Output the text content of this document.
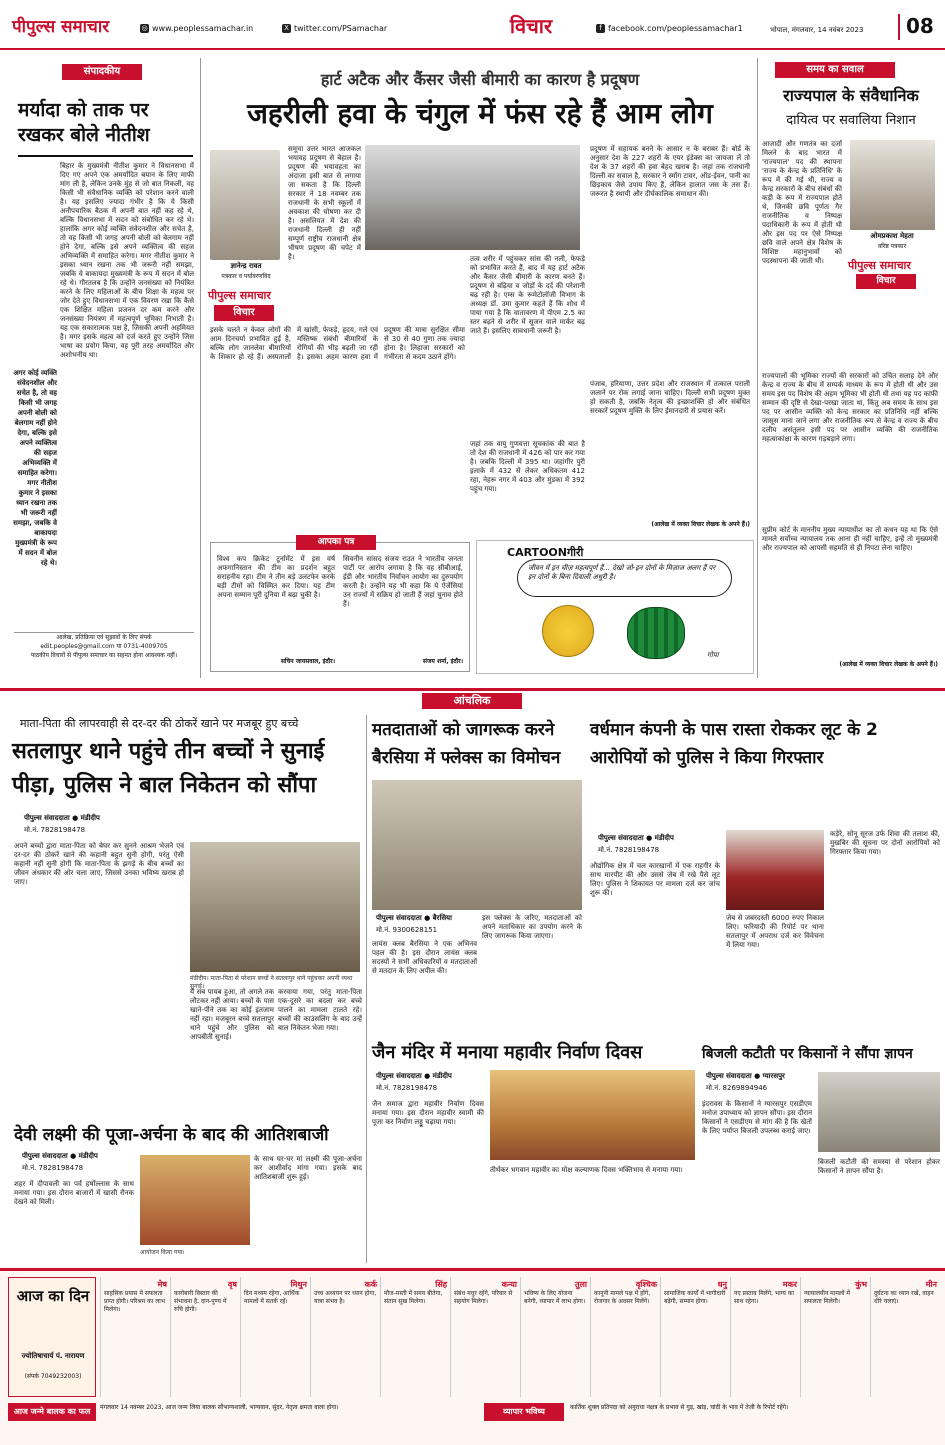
पीपुल्स समाचार	◎ www.peoplessamachar.in	X twitter.com/PSamachar	विचार	f facebook.com/peoplessamachar1	भोपाल, मंगलवार, 14 नवंबर 2023	08
संपादकीय
मर्यादा को ताक पर रखकर बोले नीतीश
बिहार के मुख्यमंत्री नीतीश कुमार ने विधानसभा में दिए गए अपने एक अमर्यादित बयान के लिए माफी मांग ली है, लेकिन उनके मुंह से जो बात निकली, वह किसी भी संवैधानिक व्यक्ति को परेशान करने वाली है। यह इसलिए ज्यादा गंभीर है कि ये किसी अनौपचारिक बैठक में अपनी बात नहीं कह रहे थे, बल्कि विधानसभा में सदन को संबोधित कर रहे थे। हालांकि अगर कोई व्यक्ति संवेदनशील और सचेत है, तो वह किसी भी जगह अपनी बोली को बेलगाम नहीं होने देगा, बल्कि इसे अपने व्यक्तित्व की सहज अभिव्यक्ति में समाहित करेगा। मगर नीतीश कुमार ने इसका ध्यान रखना तक भी जरूरी नहीं समझा, जबकि वे बाकायदा मुख्यमंत्री के रूप में सदन में बोल रहे थे। गौरतलब है कि उन्होंने जनसंख्या को नियंत्रित करने के लिए महिलाओं के बीच शिक्षा के महत्व पर जोर देते हुए विधानसभा में एक विवरण रखा कि कैसे एक शिक्षित महिला प्रजनन दर कम करने और जनसंख्या नियंत्रण में महत्वपूर्ण भूमिका निभाती है। यह एक सकारात्मक पक्ष है, जिसकी अपनी अहमियत है। मगर इसके महत्व को दर्ज करते हुए उन्होंने जिस भाषा का प्रयोग किया, वह पूरी तरह अमर्यादित और अशोभनीय था।
अगर कोई व्यक्ति संवेदनशील और सचेत है, तो वह किसी भी जगह अपनी बोली को बेलगाम नहीं होने देगा, बल्कि इसे अपने व्यक्तित्व की सहज अभिव्यक्ति में समाहित करेगा। मगर नीतीश कुमार ने इसका ध्यान रखना तक भी जरूरी नहीं समझा, जबकि वे बाकायदा मुख्यमंत्री के रूप में सदन में बोल रहे थे।
आलेख, प्रतिक्रिया एवं सुझावों के लिए संपर्क
edit.peoples@gmail.com या 0731-4009705
पाठकीय विचारों से पीपुल्स समाचार का सहमत होना आवश्यक नहीं।
हार्ट अटैक और कैंसर जैसी बीमारी का कारण है प्रदूषण
जहरीली हवा के चंगुल में फंस रहे हैं आम लोग
ज्ञानेन्द्र रावत
पत्रकार व पर्यावरणविद
पीपुल्स समाचार
विचार
समूचा उत्तर भारत आजकल भयावह प्रदूषण से बेहाल है। प्रदूषण की भयावहता का अंदाजा इसी बात से लगाया जा सकता है कि दिल्ली सरकार ने 18 नवम्बर तक राजधानी के सभी स्कूलों में अवकाश की घोषणा कर दी है। असलियत में देश की राजधानी दिल्ली ही नहीं सम्पूर्ण राष्ट्रीय राजधानी क्षेत्र भीषण प्रदूषण की चपेट में है।
इसके चलते न केवल लोगों की आम दिनचर्या प्रभावित हुई है, बल्कि लोग जानलेवा बीमारियों के शिकार हो रहे हैं। अस्पतालों में खांसी, फेफड़े, हृदय, गले एवं मस्तिष्क संबंधी बीमारियों के रोगियों की भीड़ बढ़ती जा रही है। इसका अहम कारण हवा में प्रदूषण की मात्रा सुरक्षित सीमा से 30 से 40 गुणा तक ज्यादा होना है। लिहाजा सरकारों को गंभीरता से कदम उठाने होंगे।
तत्व शरीर में पहुंचकर सांस की नली, फेफड़े को प्रभावित करते हैं, बाद में यह हार्ट अटैक और कैंसर जैसी बीमारी के कारण बनते हैं। प्रदूषण से बढ़िया व जोड़ों के दर्द की परेशानी बढ़ रही है। एम्स के रूमेटोलॉजी विभाग के अध्यक्ष डॉ. उमा कुमार कहते हैं कि शोध में पाया गया है कि वातावरण में पीएम 2.5 का स्तर बढ़ने से शरीर में सूजन वाले मार्कर बढ़ जाते हैं। इसलिए सावधानी जरूरी है।
जहां तक वायु गुणवत्ता सूचकांक की बात है तो देश की राजधानी में 426 को पार कर गया है। जबकि दिल्ली में 395 था। जहांगीर पुरी इलाके में 432 से लेकर अधिकतम 412 रहा, नेहरू नगर में 403 और मुंडका में 392 पहुंच गया।
प्रदूषण में सहायक बनने के आसार न के बराबर हैं। बोर्ड के अनुसार देश के 227 शहरों के एयर इंडेक्स का जायजा लें तो देश के 37 शहरों की हवा बेहद खराब है। जहां तक राजधानी दिल्ली का सवाल है, सरकार ने स्मॉग टावर, ऑड-ईवन, पानी का छिड़काव जैसे उपाय किए हैं, लेकिन हालात जस के तस हैं। जरूरत है स्थायी और दीर्घकालिक समाधान की।
पंजाब, हरियाणा, उत्तर प्रदेश और राजस्थान में तत्काल पराली जलाने पर रोक लगाई जाना चाहिए। दिल्ली सभी प्रदूषण मुक्त हो सकती है, जबकि नेतृत्व की इच्छाशक्ति हो और संबंधित सरकारें प्रदूषण मुक्ति के लिए ईमानदारी से प्रयास करें।
(आलेख में व्यक्त विचार लेखक के अपने हैं।)
आपका पत्र
विश्व कप क्रिकेट टूर्नामेंट में इस वर्ष अफगानिस्तान की टीम का प्रदर्शन बहुत सराहनीय रहा। टीम ने तीन बड़े उलटफेर करके बड़ी टीमों को विस्मित कर दिया। यह टीम अपना सम्मान पूरी दुनिया में बढ़ा चुकी है।
सचिन जायसवाल, इंदौर।
सिवनीन सांसद संजय राउत ने भारतीय जनता पार्टी पर आरोप लगाया है कि वह सीबीआई, ईडी और भारतीय निर्वाचन आयोग का दुरुपयोग करती है। उन्होंने यह भी कहा कि ये ऐजेंसियां उन राज्यों में सक्रिय हो जाती हैं जहां चुनाव होते हैं।
संजय शर्मा, इंदौर।
CARTOONगीरी
जीवन में इन चीज़ महत्वपूर्ण हैं... देखो जो-इन दोनों के मिज़ाज अलग हैं पर इन दोनों के बिना दिवाली अधूरी है।
गोपा
समय का सवाल
राज्यपाल के संवैधानिक
दायित्व पर सवालिया निशान
आजादी और गणतंत्र का दर्जा मिलने के बाद भारत में 'राज्यपाल' पद की स्थापना 'राज्य के केन्द्र के प्रतिनिधि' के रूप में की गई थी, राज्य व केन्द्र सरकारों के बीच संबंधों की कड़ी के रूप में राज्यपाल होते थे, जिनकी छवि पूर्णतः गैर राजनीतिक व निष्पक्ष पदाधिकारी के रूप में होती थी और इस पद पर ऐसे निष्पक्ष छवि वाले अपने क्षेत्र विशेष के विशिष्ट महानुभावों को पदस्थापना की जाती थी।
ओमप्रकाश मेहता
वरिष्ठ पत्रकार
पीपुल्स समाचार
विचार
राज्यपालों की भूमिका राज्यों की सरकारों को उचित सलाह देने और केन्द्र व राज्य के बीच में सम्पर्क माध्यम के रूप में होती थी और उस समय इस पद विशेष की अहम भूमिका भी होती थी तथा यह पद काफी सम्मान की दृष्टि से देखा-परखा जाता था, किंतु अब समय के साथ इस पद पर आसीन व्यक्ति को केन्द्र सरकार का प्रतिनिधि नहीं बल्कि जासूस माना जाने लगा और राजनीतिक रूप से केन्द्र व राज्य के बीच दलीय असंतुलन इसी पद पर आसीन व्यक्ति की राजनीतिक महत्वाकांक्षा के कारण गड़बड़ाने लगा।
सुप्रीम कोर्ट के माननीय मुख्य न्यायाधीश का तो कथन यह था कि ऐसे मामले सर्वोच्च न्यायालय तक आना ही नहीं चाहिए, इन्हें तो मुख्यमंत्री और राज्यपाल को आपसी सहमति से ही निपटा लेना चाहिए।
(आलेख में व्यक्त विचार लेखक के अपने हैं।)
आंचलिक
माता-पिता की लापरवाही से दर-दर की ठोकरें खाने पर मजबूर हुए बच्चे
सतलापुर थाने पहुंचे तीन बच्चों ने सुनाई पीड़ा, पुलिस ने बाल निकेतन को सौंपा
पीपुल्स संवाददाता ● मंडीदीप
मो.नं. 7828198478
अपने बच्चों द्वारा माता-पिता को बेघर कर सुनने आश्रम भेजने एवं दर-दर की ठोकरें खाने की कहानी बहुत सुनी होगी, परंतु ऐसी कहानी नहीं सुनी होगी कि माता-पिता के झगड़े के बीच बच्चों का जीवन अंधकार की ओर चला जाए, जिससे उनका भविष्य खराब हो जाए।
मंडीदीप। माता-पिता से परेशान बच्चों ने सतलापुर थाने पहुंचकर अपनी व्यथा सुनाई।
ये सब पायब हुआ, तो अगले तक लौटकर नहीं आया। बच्चों के पास खाने-पीने तक का कोई इंतजाम नहीं रहा। मजबूरन बच्चे सतलापुर थाने पहुंचे और पुलिस को आपबीती सुनाई।
करवाया गया, परंतु माता-पिता एक-दूसरे का बदला कर बच्चे पालने का मामला टालते रहे। बच्चों की काउंसलिंग के बाद उन्हें बाल निकेतन भेजा गया।
देवी लक्ष्मी की पूजा-अर्चना के बाद की आतिशबाजी
पीपुल्स संवाददाता ● मंडीदीप
मो.नं. 7828198478
शहर में दीपावली का पर्व हर्षोल्लास के साथ मनाया गया। इस दौरान बाजारों में खासी रौनक देखने को मिली।
आयोजन किया गया।
के साथ घर-घर मां लक्ष्मी की पूजा-अर्चना कर आशीर्वाद मांगा गया। इसके बाद आतिशबाजी शुरू हुई।
मतदाताओं को जागरूक करने बैरसिया में फ्लेक्स का विमोचन
पीपुल्स संवाददाता ● बैरसिया
मो.नं. 9300628151
लायंस क्लब बैरसिया ने एक अभिनव पहल की है। इस दौरान लायंस क्लब सदस्यों ने सभी अधिकारियों व मतदाताओं से मतदान के लिए अपील की।
इस फ्लेक्स के जरिए, मतदाताओं को अपने मताधिकार का उपयोग करने के लिए जागरूक किया जाएगा।
वर्धमान कंपनी के पास रास्ता रोककर लूट के 2 आरोपियों को पुलिस ने किया गिरफ्तार
पीपुल्स संवाददाता ● मंडीदीप
मो.नं. 7828198478
औद्योगिक क्षेत्र में चल कारखानों में एक राहगीर के साथ मारपीट की और उससे जेब में रखे पैसे लूट लिए। पुलिस ने शिकायत पर मामला दर्ज कर जांच शुरू की।
जेब से जबरदस्ती 6000 रुपए निकाल लिए। फरियादी की रिपोर्ट पर थाना सतलापुर में अपराध दर्ज कर विवेचना में लिया गया।
कड़ेरे, सोनू सूरज उर्फ शिवा की तलाश की, मुखबिर की सूचना पर दोनों आरोपियों को गिरफ्तार किया गया।
जैन मंदिर में मनाया महावीर निर्वाण दिवस
पीपुल्स संवाददाता ● मंडीदीप
मो.नं. 7828198478
जैन समाज द्वारा महावीर निर्वाण दिवस मनाया गया। इस दौरान महावीर स्वामी की पूजा कर निर्वाण लड्डू चढ़ाया गया।
तीर्थंकर भगवान महावीर का मोक्ष कल्याणक दिवस भक्तिभाव से मनाया गया।
बिजली कटौती पर किसानों ने सौंपा ज्ञापन
पीपुल्स संवाददाता ● ग्यारसपुर
मो.नं. 8269894946
इंदरावस के किसानों ने ग्यारसपुर एसडीएम मनोज उपाध्याय को ज्ञापन सौंपा। इस दौरान किसानों ने एसडीएम से मांग की है कि खेतों के लिए पर्याप्त बिजली उपलब्ध कराई जाए।
बिजली कटौती की समस्या से परेशान होकर किसानों ने ज्ञापन सौंपा है।
आज का दिन
ज्योतिषाचार्य पं. नारायण
(संपर्क 7049232003)
मेष
साहसिक प्रयास में सफलता प्राप्त होगी। परिश्रम का लाभ मिलेगा।
वृष
कारोबारी विस्तार की संभावना है, दान-पुण्य में रुचि होगी।
मिथुन
दिन मध्यम रहेगा, आर्थिक मामलों में सतर्क रहें।
कर्क
उच्च अध्ययन पर ध्यान होगा, यात्रा संभव है।
सिंह
मौज-मस्ती में समय बीतेगा, संतान सुख मिलेगा।
कन्या
संबंध मधुर रहेंगे, परिवार से सहयोग मिलेगा।
तुला
भविष्य के लिए योजना बनेगी, व्यापार में लाभ होगा।
वृश्चिक
कानूनी मामले पक्ष में होंगे, रोजगार के अवसर मिलेंगे।
धनु
सामाजिक कार्यों में भागीदारी बढ़ेगी, सम्मान होगा।
मकर
नए प्रस्ताव मिलेंगे, भाग्य का साथ रहेगा।
कुंभ
न्यायालयीन मामलों में सफलता मिलेगी।
मीन
दुर्घटना का ध्यान रखें, वाहन धीरे चलाएं।
आज जन्मे बालक का फल	मंगलवार 14 नवम्बर 2023, आज जन्म लिया बालक सौभाग्यशाली, भाग्यवान, सुंदर, नेतृत्व क्षमता वाला होगा।	व्यापार भविष्य	कार्तिक शुक्ल प्रतिपदा को अनुराधा नक्षत्र के प्रभाव से गुड़, खांड़, चांदी के भाव में तेजी के रिपोर्ट रहेंगे।
